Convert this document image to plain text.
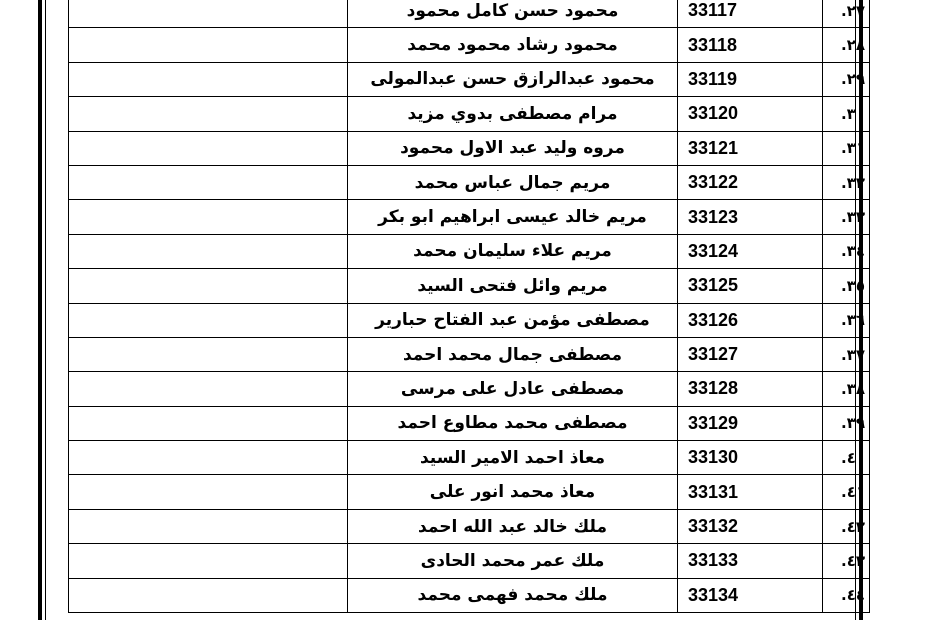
	محمود حسن كامل محمود	33117	.٢٧
	محمود رشاد محمود محمد	33118	.٢٨
	محمود عبدالرازق حسن عبدالمولى	33119	.٢٩
	مرام مصطفى بدوي مزيد	33120	.٣٠
	مروه وليد عبد الاول محمود	33121	.٣١
	مريم جمال عباس محمد	33122	.٣٢
	مريم خالد عيسى ابراهيم ابو بكر	33123	.٣٣
	مريم علاء سليمان محمد	33124	.٣٤
	مريم وائل فتحى السيد	33125	.٣٥
	مصطفى مؤمن عبد الفتاح حبارير	33126	.٣٦
	مصطفى جمال محمد احمد	33127	.٣٧
	مصطفى عادل على مرسى	33128	.٣٨
	مصطفى محمد مطاوع احمد	33129	.٣٩
	معاذ احمد الامير السيد	33130	.٤٠
	معاذ محمد انور على	33131	.٤١
	ملك خالد عبد الله احمد	33132	.٤٢
	ملك عمر محمد الحادى	33133	.٤٣
	ملك محمد فهمى محمد	33134	.٤٤
